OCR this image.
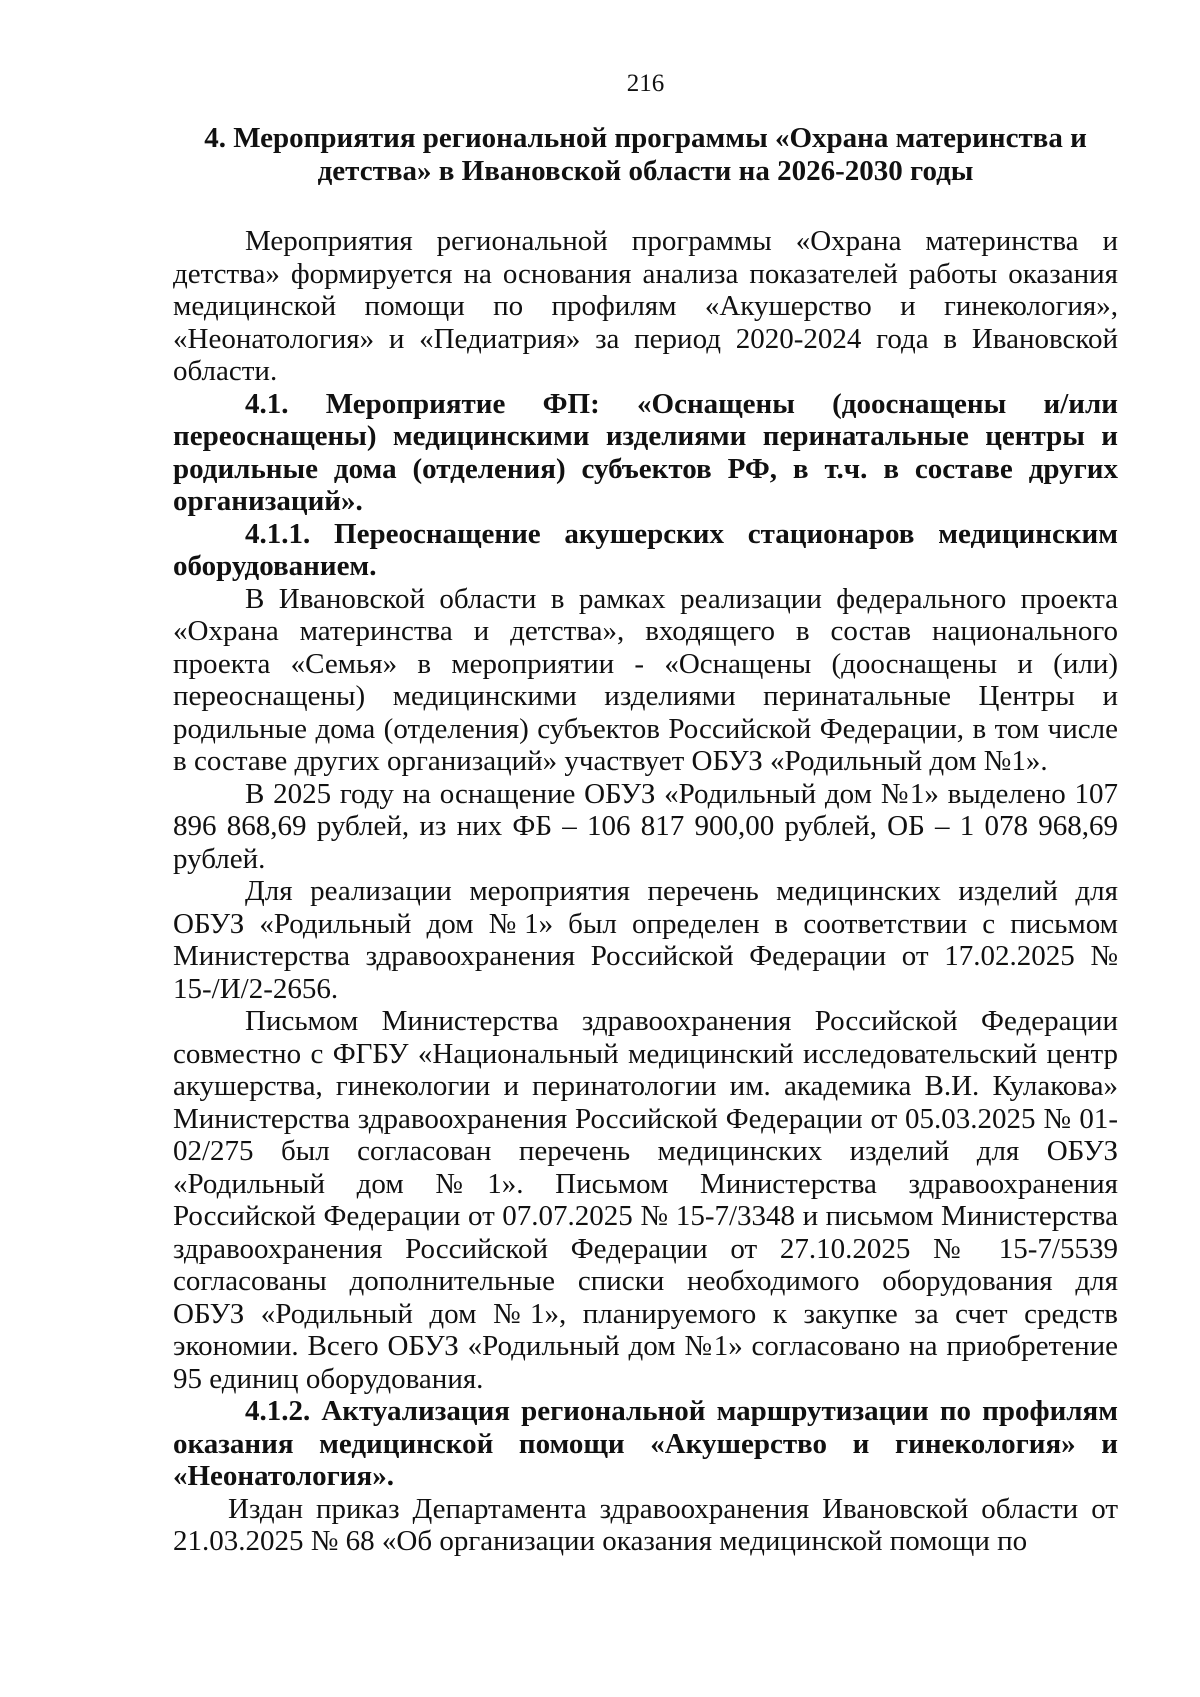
216
4. Мероприятия региональной программы «Охрана материнства и
детства» в Ивановской области на 2026-2030 годы

Мероприятия региональной программы «Охрана материнства и детства» формируется на основания анализа показателей работы оказания медицинской помощи по профилям «Акушерство и гинекология», «Неонатология» и «Педиатрия» за период 2020-2024 года в Ивановской области.

4.1. Мероприятие ФП: «Оснащены (дооснащены и/или переоснащены) медицинскими изделиями перинатальные центры и родильные дома (отделения) субъектов РФ, в т.ч. в составе других организаций».

4.1.1. Переоснащение акушерских стационаров медицинским оборудованием.

В Ивановской области в рамках реализации федерального проекта «Охрана материнства и детства», входящего в состав национального проекта «Семья» в мероприятии - «Оснащены (дооснащены и (или) переоснащены) медицинскими изделиями перинатальные Центры и родильные дома (отделения) субъектов Российской Федерации, в том числе в составе других организаций» участвует ОБУЗ «Родильный дом №1».

В 2025 году на оснащение ОБУЗ «Родильный дом №1» выделено 107 896 868,69 рублей, из них ФБ – 106 817 900,00 рублей, ОБ – 1 078 968,69 рублей.

Для реализации мероприятия перечень медицинских изделий для ОБУЗ «Родильный дом №1» был определен в соответствии с письмом Министерства здравоохранения Российской Федерации от 17.02.2025 № 15-/И/2-2656.

Письмом Министерства здравоохранения Российской Федерации совместно с ФГБУ «Национальный медицинский исследовательский центр акушерства, гинекологии и перинатологии им. академика В.И. Кулакова» Министерства здравоохранения Российской Федерации от 05.03.2025 № 01-02/275 был согласован перечень медицинских изделий для ОБУЗ «Родильный дом №1». Письмом Министерства здравоохранения Российской Федерации от 07.07.2025 № 15-7/3348 и письмом Министерства здравоохранения Российской Федерации от 27.10.2025 № 15-7/5539 согласованы дополнительные списки необходимого оборудования для ОБУЗ «Родильный дом №1», планируемого к закупке за счет средств экономии. Всего ОБУЗ «Родильный дом №1» согласовано на приобретение 95 единиц оборудования.

4.1.2. Актуализация региональной маршрутизации по профилям оказания медицинской помощи «Акушерство и гинекология» и «Неонатология».

Издан приказ Департамента здравоохранения Ивановской области от 21.03.2025 № 68 «Об организации оказания медицинской помощи по
